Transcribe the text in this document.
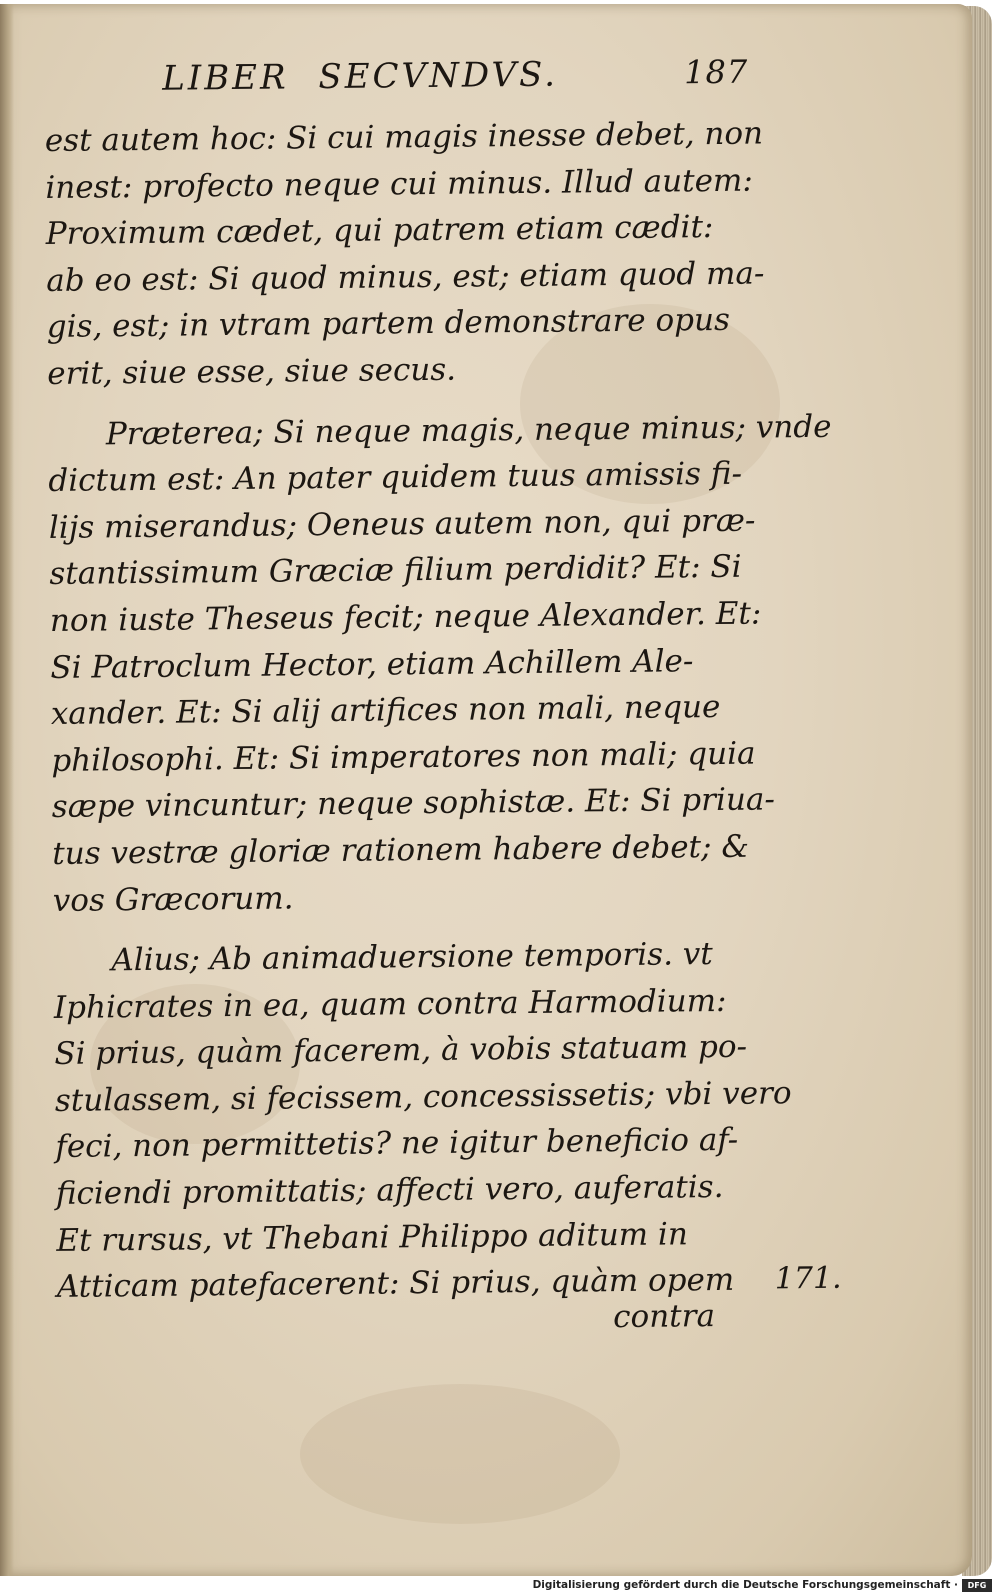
LIBER SECVNDVS.	187
est autem hoc: Si cui magis inesse debet, non
inest: profecto neque cui minus. Illud autem:
Proximum cædet, qui patrem etiam cædit:
ab eo est: Si quod minus, est; etiam quod ma-
gis, est; in vtram partem demonstrare opus
erit, siue esse, siue secus.
Præterea; Si neque magis, neque minus; vnde
dictum est: An pater quidem tuus amissis fi-
lijs miserandus; Oeneus autem non, qui præ-
stantissimum Græciæ filium perdidit? Et: Si
non iuste Theseus fecit; neque Alexander. Et:
Si Patroclum Hector, etiam Achillem Ale-
xander. Et: Si alij artifices non mali, neque
philosophi. Et: Si imperatores non mali; quia
sæpe vincuntur; neque sophistæ. Et: Si priua-
tus vestræ gloriæ rationem habere debet; &
vos Græcorum.
Alius; Ab animaduersione temporis. vt
Iphicrates in ea, quam contra Harmodium:
Si prius, quàm facerem, à vobis statuam po-
stulassem, si fecissem, concessissetis; vbi vero
feci, non permittetis? ne igitur beneficio af-
ficiendi promittatis; affecti vero, auferatis.
Et rursus, vt Thebani Philippo aditum in
Atticam patefacerent: Si prius, quàm opem	171.
contra
Digitalisierung gefördert durch die Deutsche Forschungsgemeinschaft ·	DFG
